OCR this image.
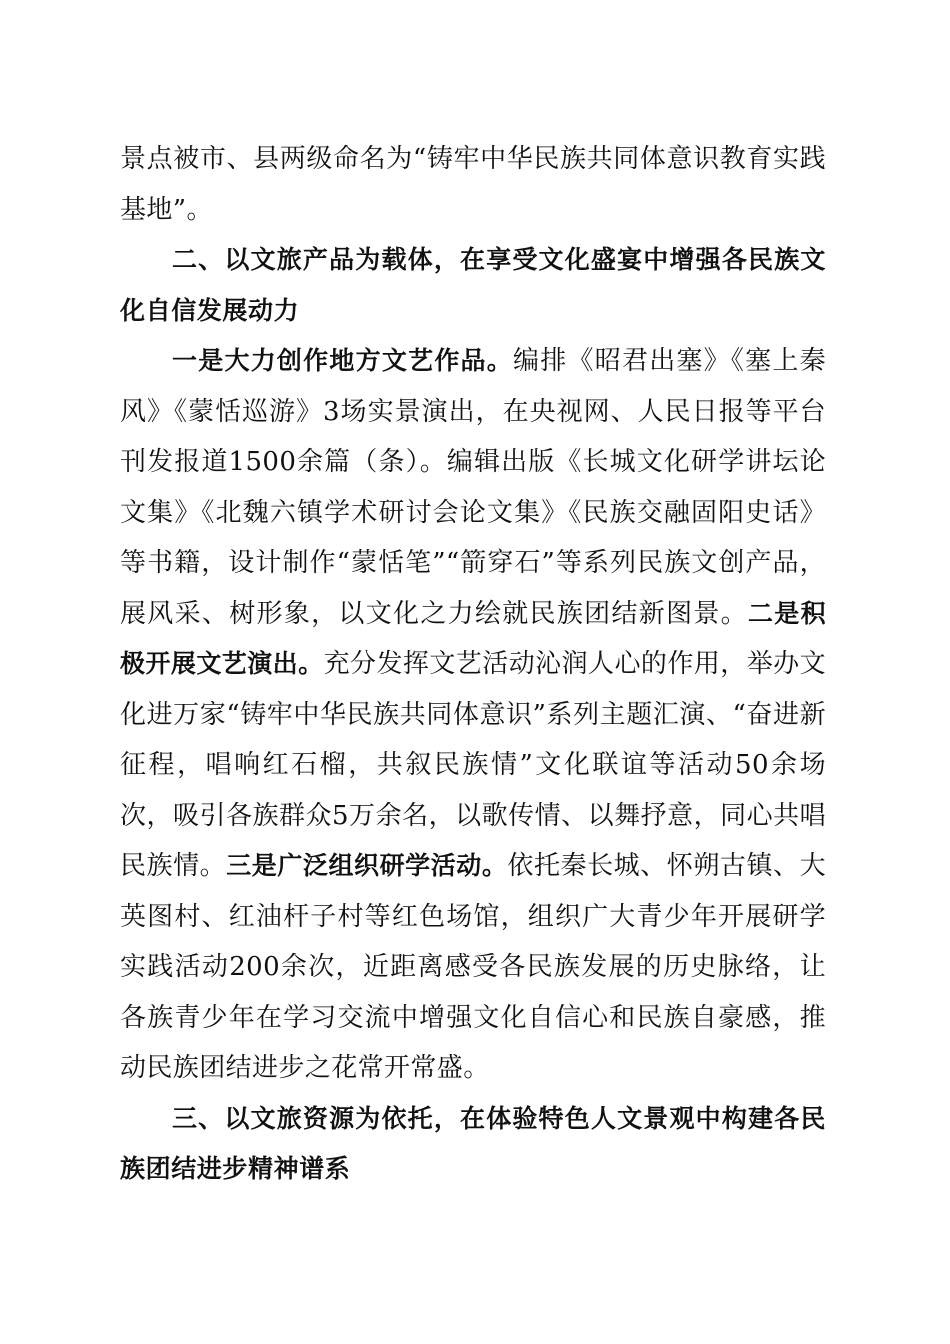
景点被市、县两级命名为“铸牢中华民族共同体意识教育实践基地”。

二、以文旅产品为载体，在享受文化盛宴中增强各民族文化自信发展动力

一是大力创作地方文艺作品。编排《昭君出塞》《塞上秦风》《蒙恬巡游》3场实景演出，在央视网、人民日报等平台刊发报道1500余篇（条）。编辑出版《长城文化研学讲坛论文集》《北魏六镇学术研讨会论文集》《民族交融固阳史话》等书籍，设计制作“蒙恬笔”“箭穿石”等系列民族文创产品，展风采、树形象，以文化之力绘就民族团结新图景。二是积极开展文艺演出。充分发挥文艺活动沁润人心的作用，举办文化进万家“铸牢中华民族共同体意识”系列主题汇演、“奋进新征程，唱响红石榴，共叙民族情”文化联谊等活动50余场次，吸引各族群众5万余名，以歌传情、以舞抒意，同心共唱民族情。三是广泛组织研学活动。依托秦长城、怀朔古镇、大英图村、红油杆子村等红色场馆，组织广大青少年开展研学实践活动200余次，近距离感受各民族发展的历史脉络，让各族青少年在学习交流中增强文化自信心和民族自豪感，推动民族团结进步之花常开常盛。

三、以文旅资源为依托，在体验特色人文景观中构建各民族团结进步精神谱系
